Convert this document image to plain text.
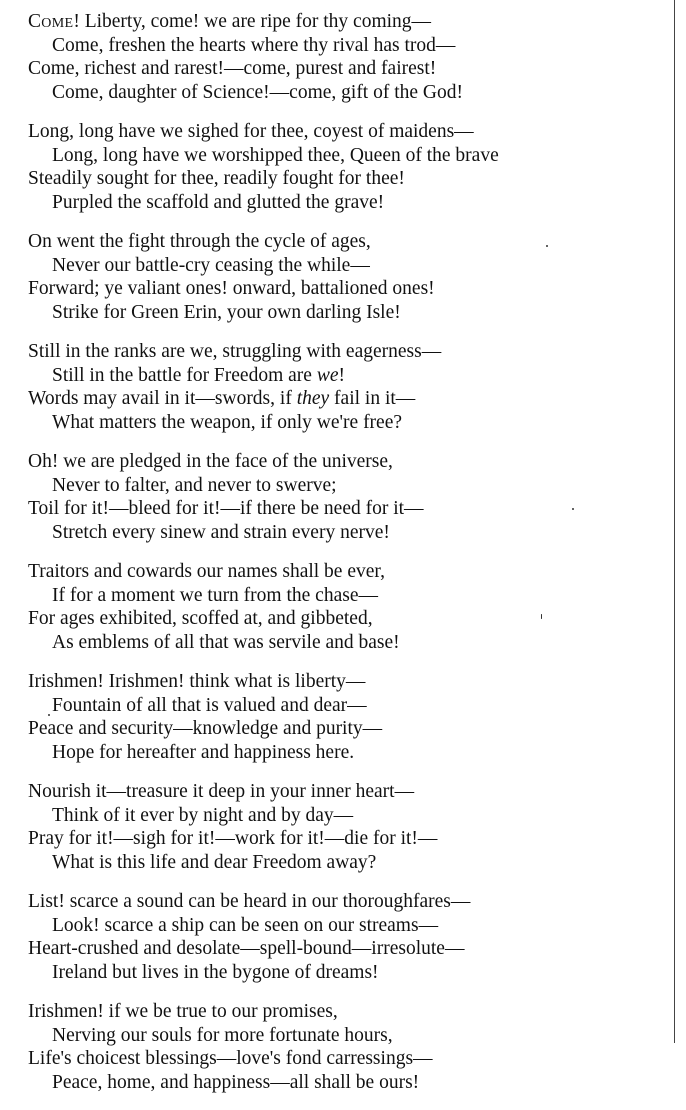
Come! Liberty, come! we are ripe for thy coming—
Come, freshen the hearts where thy rival has trod—
Come, richest and rarest!—come, purest and fairest!
Come, daughter of Science!—come, gift of the God!
Long, long have we sighed for thee, coyest of maidens—
Long, long have we worshipped thee, Queen of the brave
Steadily sought for thee, readily fought for thee!
Purpled the scaffold and glutted the grave!
On went the fight through the cycle of ages,
Never our battle-cry ceasing the while—
Forward; ye valiant ones! onward, battalioned ones!
Strike for Green Erin, your own darling Isle!
Still in the ranks are we, struggling with eagerness—
Still in the battle for Freedom are we!
Words may avail in it—swords, if they fail in it—
What matters the weapon, if only we're free?
Oh! we are pledged in the face of the universe,
Never to falter, and never to swerve;
Toil for it!—bleed for it!—if there be need for it—
Stretch every sinew and strain every nerve!
Traitors and cowards our names shall be ever,
If for a moment we turn from the chase—
For ages exhibited, scoffed at, and gibbeted,
As emblems of all that was servile and base!
Irishmen! Irishmen! think what is liberty—
Fountain of all that is valued and dear—
Peace and security—knowledge and purity—
Hope for hereafter and happiness here.
Nourish it—treasure it deep in your inner heart—
Think of it ever by night and by day—
Pray for it!—sigh for it!—work for it!—die for it!—
What is this life and dear Freedom away?
List! scarce a sound can be heard in our thoroughfares—
Look! scarce a ship can be seen on our streams—
Heart-crushed and desolate—spell-bound—irresolute—
Ireland but lives in the bygone of dreams!
Irishmen! if we be true to our promises,
Nerving our souls for more fortunate hours,
Life's choicest blessings—love's fond carressings—
Peace, home, and happiness—all shall be ours!
